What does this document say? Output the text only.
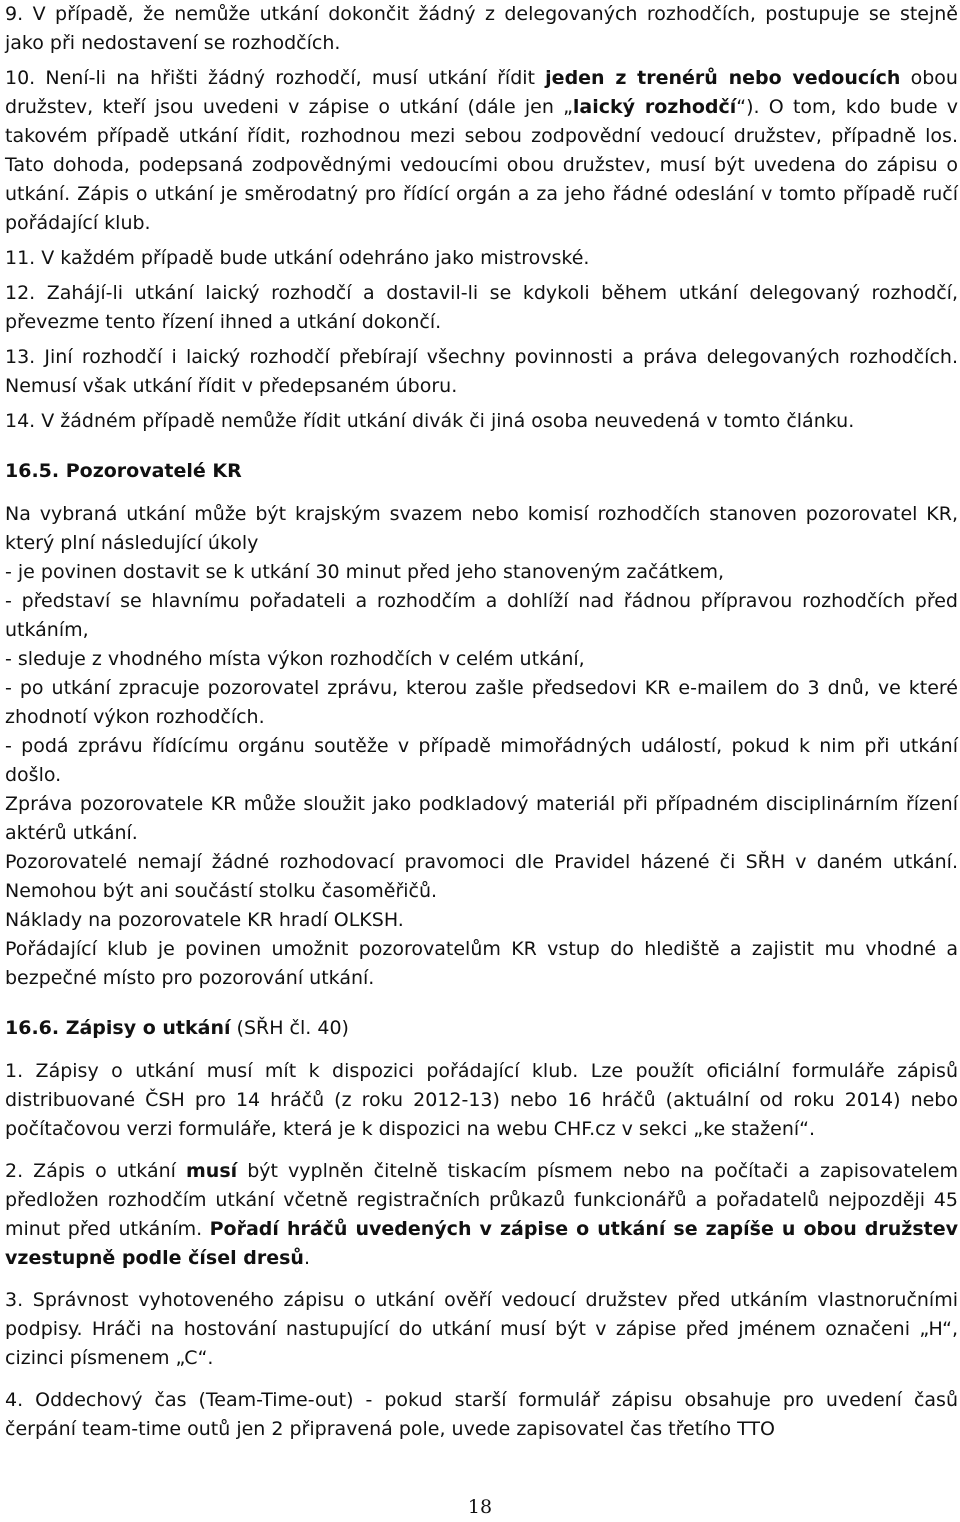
9. V případě, že nemůže utkání dokončit žádný z delegovaných rozhodčích, postupuje se stejně jako při nedostavení se rozhodčích.

10. Není-li na hřišti žádný rozhodčí, musí utkání řídit jeden z trenérů nebo vedoucích obou družstev, kteří jsou uvedeni v zápise o utkání (dále jen „laický rozhodčí“). O tom, kdo bude v takovém případě utkání řídit, rozhodnou mezi sebou zodpovědní vedoucí družstev, případně los. Tato dohoda, podepsaná zodpovědnými vedoucími obou družstev, musí být uvedena do zápisu o utkání. Zápis o utkání je směrodatný pro řídící orgán a za jeho řádné odeslání v tomto případě ručí pořádající klub.

11. V každém případě bude utkání odehráno jako mistrovské.

12. Zahájí-li utkání laický rozhodčí a dostavil-li se kdykoli během utkání delegovaný rozhodčí, převezme tento řízení ihned a utkání dokončí.

13. Jiní rozhodčí i laický rozhodčí přebírají všechny povinnosti a práva delegovaných rozhodčích. Nemusí však utkání řídit v předepsaném úboru.

14. V žádném případě nemůže řídit utkání divák či jiná osoba neuvedená v tomto článku.

16.5. Pozorovatelé KR

Na vybraná utkání může být krajským svazem nebo komisí rozhodčích stanoven pozorovatel KR, který plní následující úkoly

- je povinen dostavit se k utkání 30 minut před jeho stanoveným začátkem,

- představí se hlavnímu pořadateli a rozhodčím a dohlíží nad řádnou přípravou rozhodčích před utkáním,

- sleduje z vhodného místa výkon rozhodčích v celém utkání,

- po utkání zpracuje pozorovatel zprávu, kterou zašle předsedovi KR e-mailem do 3 dnů, ve které zhodnotí výkon rozhodčích.

- podá zprávu řídícímu orgánu soutěže v případě mimořádných událostí, pokud k nim při utkání došlo.

Zpráva pozorovatele KR může sloužit jako podkladový materiál při případném disciplinárním řízení aktérů utkání.

Pozorovatelé nemají žádné rozhodovací pravomoci dle Pravidel házené či SŘH v daném utkání. Nemohou být ani součástí stolku časoměřičů.

Náklady na pozorovatele KR hradí OLKSH.

Pořádající klub je povinen umožnit pozorovatelům KR vstup do hlediště a zajistit mu vhodné a bezpečné místo pro pozorování utkání.

16.6. Zápisy o utkání (SŘH čl. 40)

1. Zápisy o utkání musí mít k dispozici pořádající klub. Lze použít oficiální formuláře zápisů distribuované ČSH pro 14 hráčů (z roku 2012-13) nebo 16 hráčů (aktuální od roku 2014) nebo počítačovou verzi formuláře, která je k dispozici na webu CHF.cz v sekci „ke stažení“.

2. Zápis o utkání musí být vyplněn čitelně tiskacím písmem nebo na počítači a zapisovatelem předložen rozhodčím utkání včetně registračních průkazů funkcionářů a pořadatelů nejpozději 45 minut před utkáním. Pořadí hráčů uvedených v zápise o utkání se zapíše u obou družstev vzestupně podle čísel dresů.

3. Správnost vyhotoveného zápisu o utkání ověří vedoucí družstev před utkáním vlastnoručními podpisy. Hráči na hostování nastupující do utkání musí být v zápise před jménem označeni „H“, cizinci písmenem „C“.

4. Oddechový čas (Team-Time-out) - pokud starší formulář zápisu obsahuje pro uvedení časů čerpání team-time outů jen 2 připravená pole, uvede zapisovatel čas třetího TTO

18
